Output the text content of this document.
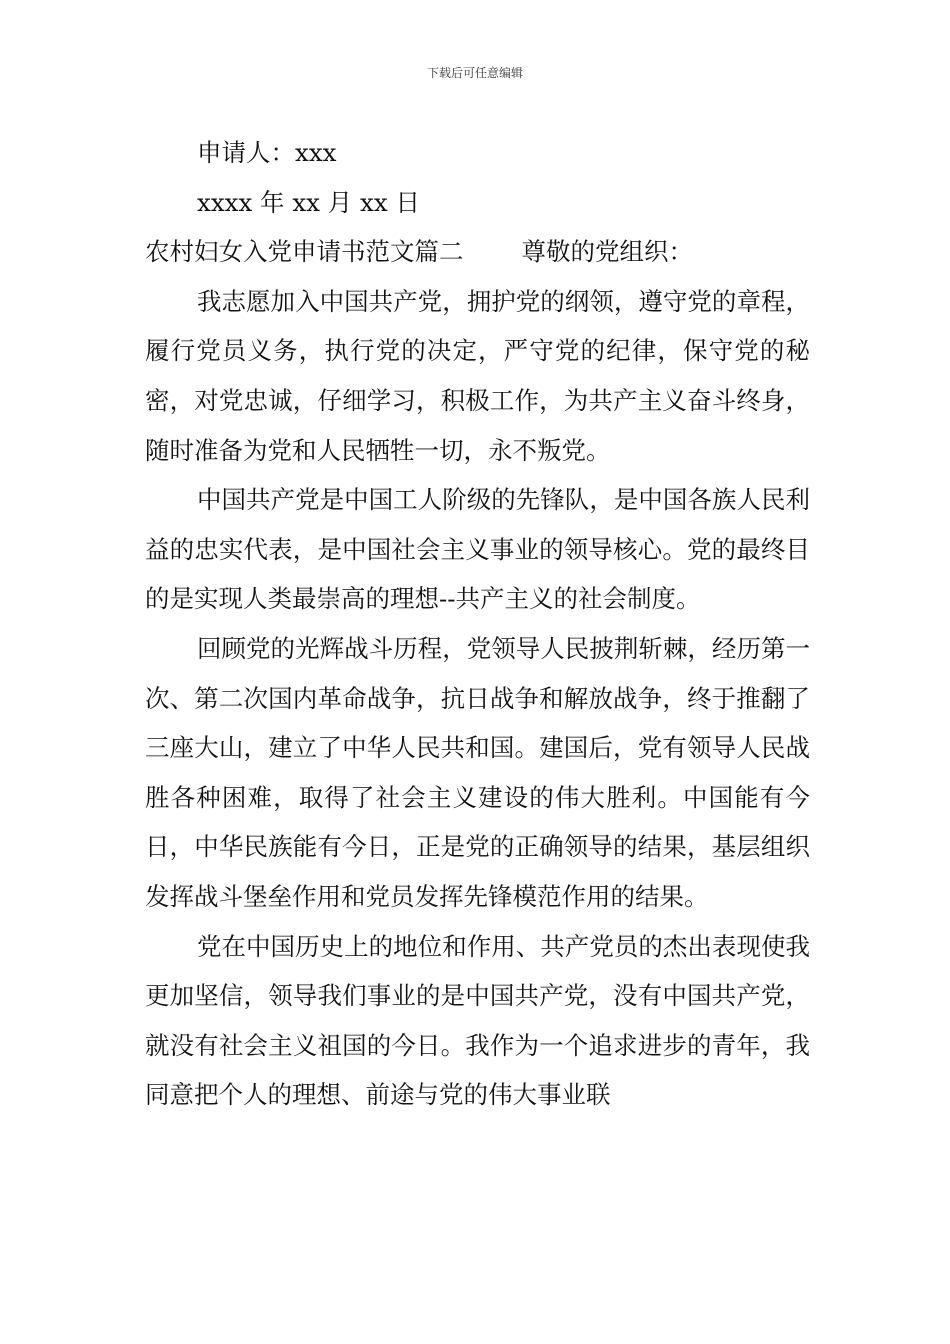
下载后可任意编辑

申请人：xxx

xxxx 年 xx 月 xx 日

农村妇女入党申请书范文篇二 尊敬的党组织：

我志愿加入中国共产党，拥护党的纲领，遵守党的章程，履行党员义务，执行党的决定，严守党的纪律，保守党的秘密，对党忠诚，仔细学习，积极工作，为共产主义奋斗终身，随时准备为党和人民牺牲一切，永不叛党。

中国共产党是中国工人阶级的先锋队，是中国各族人民利益的忠实代表，是中国社会主义事业的领导核心。党的最终目的是实现人类最崇高的理想--共产主义的社会制度。

回顾党的光辉战斗历程，党领导人民披荆斩棘，经历第一次、第二次国内革命战争，抗日战争和解放战争，终于推翻了三座大山，建立了中华人民共和国。建国后，党有领导人民战胜各种困难，取得了社会主义建设的伟大胜利。中国能有今日，中华民族能有今日，正是党的正确领导的结果，基层组织发挥战斗堡垒作用和党员发挥先锋模范作用的结果。

党在中国历史上的地位和作用、共产党员的杰出表现使我更加坚信，领导我们事业的是中国共产党，没有中国共产党，就没有社会主义祖国的今日。我作为一个追求进步的青年，我同意把个人的理想、前途与党的伟大事业联
